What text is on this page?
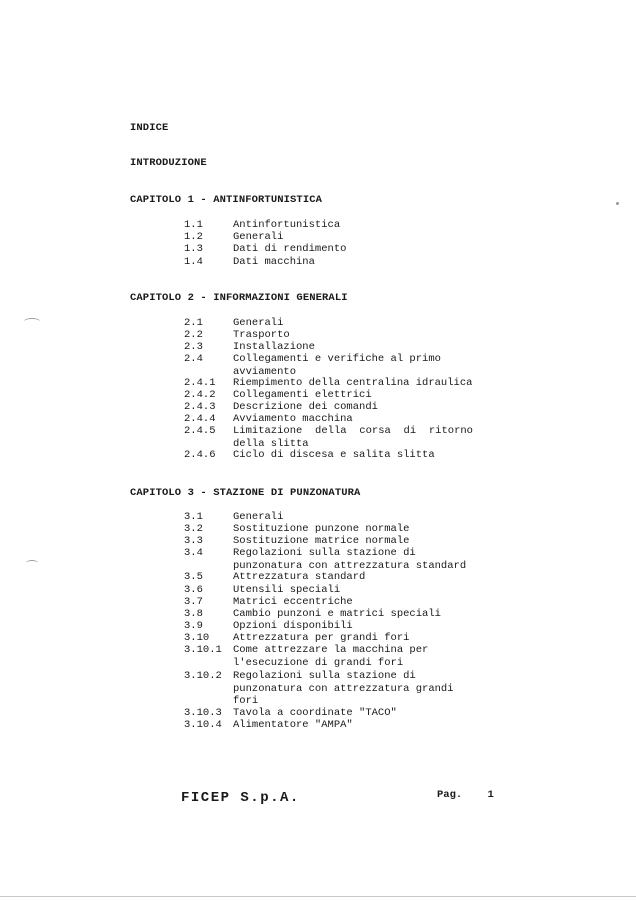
INDICE
INTRODUZIONE
CAPITOLO 1 - ANTINFORTUNISTICA
1.1	Antinfortunistica
1.2	Generali
1.3	Dati di rendimento
1.4	Dati macchina
CAPITOLO 2 - INFORMAZIONI GENERALI
2.1	Generali
2.2	Trasporto
2.3	Installazione
2.4	Collegamenti e verifiche al primo avviamento
2.4.1 Riempimento della centralina idraulica
2.4.2 Collegamenti elettrici
2.4.3 Descrizione dei comandi
2.4.4 Avviamento macchina
2.4.5 Limitazione della corsa di ritorno della slitta
2.4.6 Ciclo di discesa e salita slitta
CAPITOLO 3 - STAZIONE DI PUNZONATURA
3.1	Generali
3.2	Sostituzione punzone normale
3.3	Sostituzione matrice normale
3.4	Regolazioni sulla stazione di punzonatura con attrezzatura standard
3.5	Attrezzatura standard
3.6	Utensili speciali
3.7	Matrici eccentriche
3.8	Cambio punzoni e matrici speciali
3.9	Opzioni disponibili
3.10 Attrezzatura per grandi fori
3.10.1 Come attrezzare la macchina per l'esecuzione di grandi fori
3.10.2 Regolazioni sulla stazione di punzonatura con attrezzatura grandi fori
3.10.3 Tavola a coordinate "TACO"
3.10.4 Alimentatore "AMPA"
FICEP S.p.A.	Pag. 1
